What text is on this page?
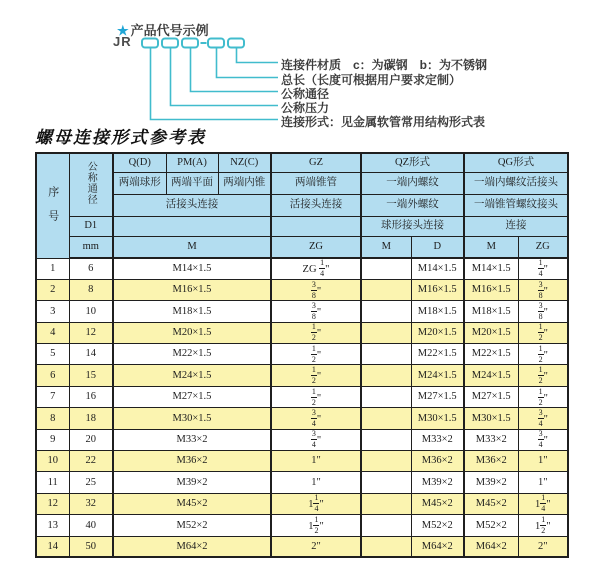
★ 产品代号示例
JR
连接件材质　c：为碳钢　b：为不锈钢
总长（长度可根据用户要求定制）
公称通径
公称压力
连接形式：见金属软管常用结构形式表
螺母连接形式参考表
序号	公称通径	Q(D)	PM(A)	NZ(C)	GZ	QZ形式		QG形式	
		两端球形	两端平面	两端内锥	两端锥管	一端内螺纹		一端内螺纹活接头	
		活接头连接			活接头连接	一端外螺纹		一端锥管螺纹接头	
	D1					球形接头连接		连接	
	mm	M			ZG	M	D	M	ZG
1	6	M14×1.5			ZG $\frac{1}{4}$ "		M14×1.5	M14×1.5	$\frac{1}{4}$ "
2	8	M16×1.5			$\frac{3}{8}$ "		M16×1.5	M16×1.5	$\frac{3}{8}$ "
3	10	M18×1.5			$\frac{3}{8}$ "		M18×1.5	M18×1.5	$\frac{3}{8}$ "
4	12	M20×1.5			$\frac{1}{2}$ "		M20×1.5	M20×1.5	$\frac{1}{2}$ "
5	14	M22×1.5			$\frac{1}{2}$ "		M22×1.5	M22×1.5	$\frac{1}{2}$ "
6	15	M24×1.5			$\frac{1}{2}$ "		M24×1.5	M24×1.5	$\frac{1}{2}$ "
7	16	M27×1.5			$\frac{1}{2}$ "		M27×1.5	M27×1.5	$\frac{1}{2}$ "
8	18	M30×1.5			$\frac{3}{4}$ "		M30×1.5	M30×1.5	$\frac{3}{4}$ "
9	20	M33×2			$\frac{3}{4}$ "		M33×2	M33×2	$\frac{3}{4}$ "
10	22	M36×2			1"		M36×2	M36×2	1"
11	25	M39×2			1"		M39×2	M39×2	1"
12	32	M45×2			$1 \frac{1}{4}$ "		M45×2	M45×2	$1 \frac{1}{4}$ "
13	40	M52×2			$1 \frac{1}{2}$ "		M52×2	M52×2	$1 \frac{1}{2}$ "
14	50	M64×2			2"		M64×2	M64×2	2"
